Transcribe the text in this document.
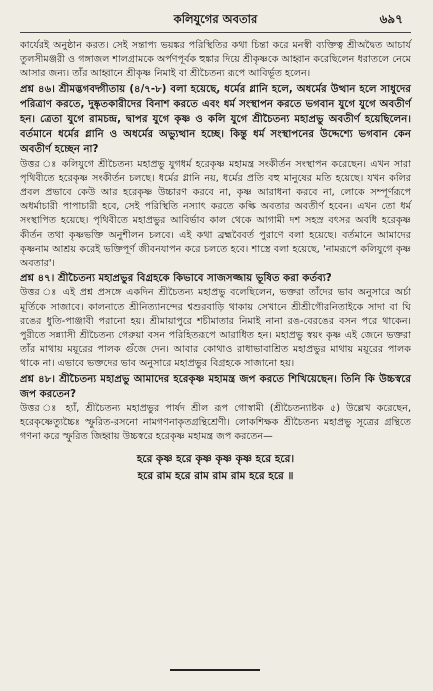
কলিযুগের অবতার	৬৯৭

কার্যেরই অনুষ্ঠান করত। সেই সন্তাপ্য ভয়ঙ্কর পরিস্থিতির কথা চিন্তা করে মনস্বী ব্যক্তিত্ব শ্রীঅদ্বৈত আচার্য তুলসীমঞ্জরী ও গঙ্গাজল শালগ্রামকে অর্পণপূর্বক হুঙ্কার দিয়ে শ্রীকৃষ্ণকে আহ্বান করেছিলেন ধরাতলে নেমে আসার জন্য। তাঁর আহ্বানে শ্রীকৃষ্ণ নিমাই বা শ্রীচৈতন্য রূপে আবির্ভূত হলেন।

প্রশ্ন ৪৬। শ্রীমদ্ভগবদ্গীতায় (৪/৭-৮) বলা হয়েছে, ধর্মের গ্লানি হলে, অধর্মের উত্থান হলে সাধুদের পরিত্রাণ করতে, দুষ্কৃতকারীদের বিনাশ করতে এবং ধর্ম সংস্থাপন করতে ভগবান যুগে যুগে অবতীর্ণ হন। ত্রেতা যুগে রামচন্দ্র, দ্বাপর যুগে কৃষ্ণ ও কলি যুগে শ্রীচৈতন্য মহাপ্রভু অবতীর্ণ হয়েছিলেন। বর্তমানে ধর্মের গ্লানি ও অধর্মের অভ্যুত্থান হচ্ছে। কিন্তু ধর্ম সংস্থাপনের উদ্দেশ্যে ভগবান কেন অবতীর্ণ হচ্ছেন না?

উত্তর ঃ কলিযুগে শ্রীচৈতন্য মহাপ্রভু যুগধর্ম হরেকৃষ্ণ মহামন্ত্র সংকীর্তন সংস্থাপন করেছেন। এখন সারা পৃথিবীতে হরেকৃষ্ণ সংকীর্তন চলছে। ধর্মের গ্লানি নয়, ধর্মের প্রতি বহু মানুষের মতি হয়েছে। যখন কলির প্রবল প্রভাবে কেউ আর হরেকৃষ্ণ উচ্চারণ করবে না, কৃষ্ণ আরাধনা করবে না, লোকে সম্পূর্ণরূপে অধর্মাচারী পাপাচারী হবে, সেই পরিস্থিতি নস্যাৎ করতে কল্কি অবতার অবতীর্ণ হবেন। এখন তো ধর্ম সংস্থাপিত হয়েছে। পৃথিবীতে মহাপ্রভুর আবির্ভাব কাল থেকে আগামী দশ সহস্র বৎসর অবধি হরেকৃষ্ণ কীর্তন তথা কৃষ্ণভক্তি অনুশীলন চলবে। এই কথা ব্রহ্মবৈবর্ত পুরাণে বলা হয়েছে। বর্তমানে আমাদের কৃষ্ণনাম আশ্রয় করেই ভক্তিপূর্ণ জীবনযাপন করে চলতে হবে। শাস্ত্রে বলা হয়েছে, 'নামরূপে কলিযুগে কৃষ্ণ অবতার'।

প্রশ্ন ৪৭। শ্রীচৈতন্য মহাপ্রভুর বিগ্রহকে কিভাবে সাজসজ্জায় ভূষিত করা কর্তব্য?

উত্তর ঃ এই প্রশ্ন প্রসঙ্গে একদিন শ্রীচৈতন্য মহাপ্রভু বলেছিলেন, ভক্তরা তাঁদের ভাব অনুসারে অর্চা মূর্তিকে সাজাবে। কালনাতে শ্রীনিত্যানন্দের শ্বশুরবাড়ি থাকায় সেখানে শ্রীশ্রীগৌরনিতাইকে সাদা বা ঘি রঙের ধুতি-পাঞ্জাবী পরানো হয়। শ্রীমায়াপুরে শচীমাতার নিমাই নানা রঙ-বেরঙের বসন পরে থাকেন। পুরীতে সন্ন্যাসী শ্রীচৈতন্য গেরুয়া বসন পরিহিতরূপে আরাধিত হন। মহাপ্রভু স্বয়ং কৃষ্ণ এই জেনে ভক্তরা তাঁর মাথায় ময়ূরের পালক গুঁজে দেন। আবার কোথাও রাধাভাবাশ্রিত মহাপ্রভুর মাথায় ময়ূরের পালক থাকে না। এভাবে ভক্তদের ভাব অনুসারে মহাপ্রভুর বিগ্রহকে সাজানো হয়।

প্রশ্ন ৪৮। শ্রীচৈতন্য মহাপ্রভু আমাদের হরেকৃষ্ণ মহামন্ত্র জপ করতে শিখিয়েছেন। তিনি কি উচ্চস্বরে জপ করতেন?

উত্তর ঃ হ্যাঁ, শ্রীচৈতন্য মহাপ্রভুর পার্ষদ শ্রীল রূপ গোস্বামী (শ্রীচৈতন্যাষ্টক ৫) উল্লেখ করেছেন, হরেকৃষ্ণেত্যুচ্চৈঃ স্ফুরিত-রসনো নামগণনাকৃতগ্রন্থিশ্রেণী। লোকশিক্ষক শ্রীচৈতন্য মহাপ্রভু সূত্রের গ্রন্থিতে গণনা করে স্ফুরিত জিহ্বায় উচ্চস্বরে হরেকৃষ্ণ মহামন্ত্র জপ করতেন—

হরে কৃষ্ণ হরে কৃষ্ণ কৃষ্ণ কৃষ্ণ হরে হরে।
হরে রাম হরে রাম রাম রাম হরে হরে ॥
